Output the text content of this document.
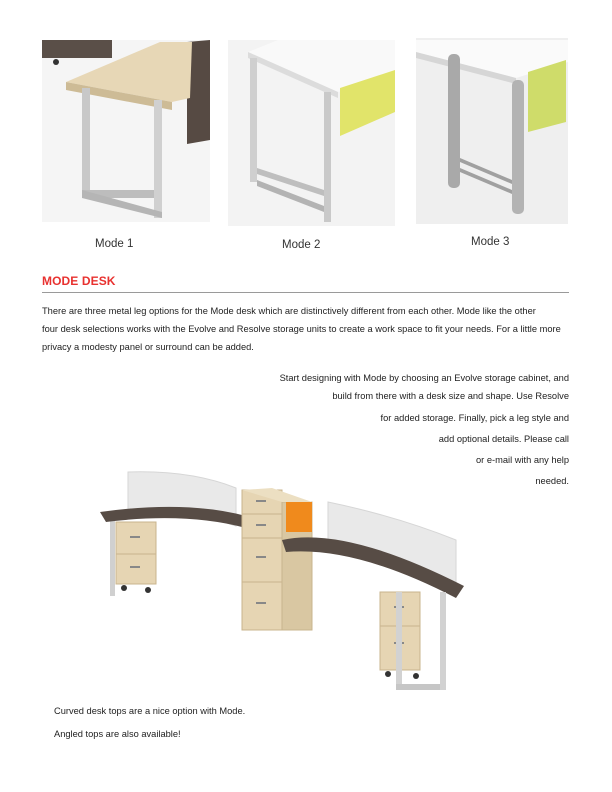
Mode 1	Mode 2	Mode 3
MODE DESK
There are three metal leg options for the Mode desk which are distinctively different from each other. Mode like the other
four desk selections works with the Evolve and Resolve storage units to create a work space to fit your needs. For a little more
privacy a modesty panel or surround can be added.
Start designing with Mode by choosing an Evolve storage cabinet, and
build from there with a desk size and shape. Use Resolve
for added storage. Finally, pick a leg style and
add optional details. Please call
or e-mail with any help
needed.
Curved desk tops are a nice option with Mode.
Angled tops are also available!
